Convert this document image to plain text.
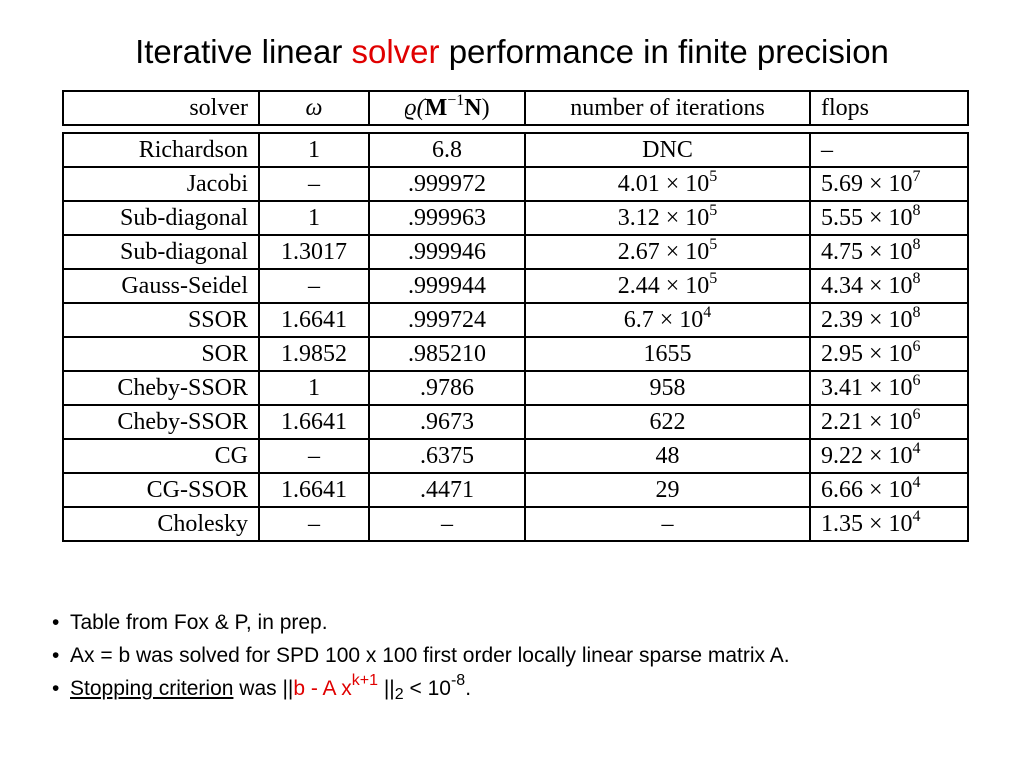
Iterative linear solver performance in finite precision
solver	ω	$ϱ(M^{-1}N)$	number of iterations	flops
Richardson	1	6.8	DNC	–
Jacobi	–	.999972	$4.01 \times 10^5$	$5.69 \times 10^7$
Sub-diagonal	1	.999963	$3.12 \times 10^5$	$5.55 \times 10^8$
Sub-diagonal	1.3017	.999946	$2.67 \times 10^5$	$4.75 \times 10^8$
Gauss-Seidel	–	.999944	$2.44 \times 10^5$	$4.34 \times 10^8$
SSOR	1.6641	.999724	$6.7 \times 10^4$	$2.39 \times 10^8$
SOR	1.9852	.985210	1655	$2.95 \times 10^6$
Cheby-SSOR	1	.9786	958	$3.41 \times 10^6$
Cheby-SSOR	1.6641	.9673	622	$2.21 \times 10^6$
CG	–	.6375	48	$9.22 \times 10^4$
CG-SSOR	1.6641	.4471	29	$6.66 \times 10^4$
Cholesky	–	–	–	$1.35 \times 10^4$
• Table from Fox & P, in prep.
• Ax = b was solved for SPD 100 x 100 first order locally linear sparse matrix A.
• Stopping criterion was ||b - A $x^{k+1}$ $||_2 < 10^{-8}$.
